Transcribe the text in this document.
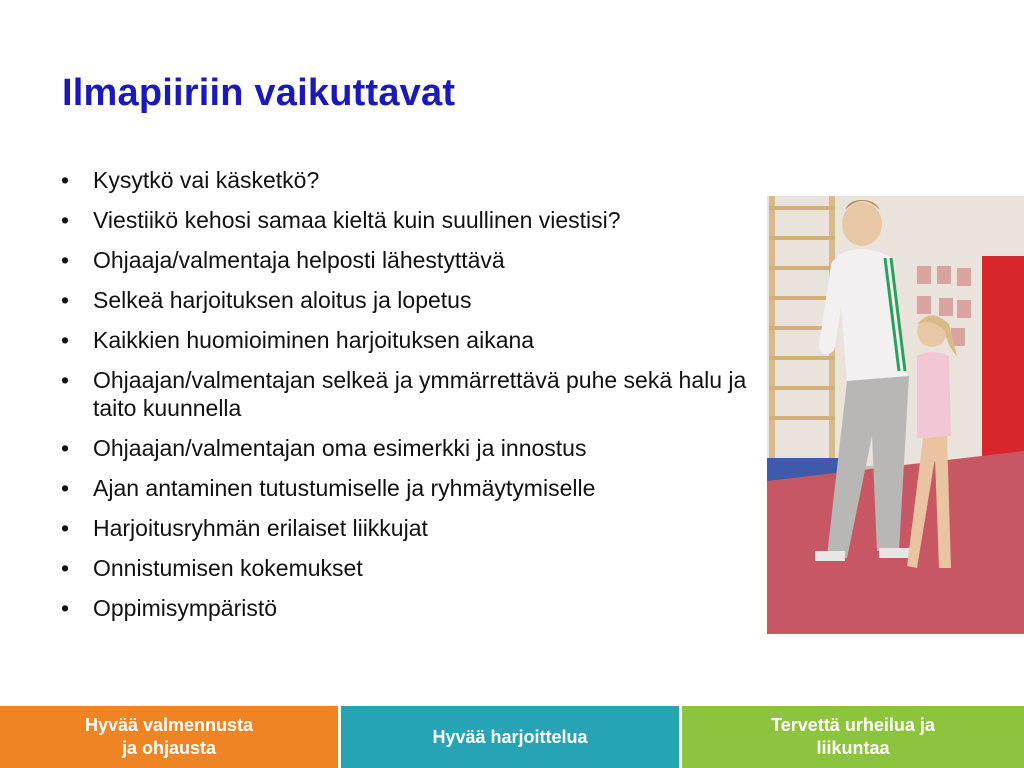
Ilmapiiriin vaikuttavat
• Kysytkö vai käsketkö?
• Viestiikö kehosi samaa kieltä kuin suullinen viestisi?
• Ohjaaja/valmentaja helposti lähestyttävä
• Selkeä harjoituksen aloitus ja lopetus
• Kaikkien huomioiminen harjoituksen aikana
• Ohjaajan/valmentajan selkeä ja ymmärrettävä puhe sekä halu ja taito kuunnella
• Ohjaajan/valmentajan oma esimerkki ja innostus
• Ajan antaminen tutustumiselle ja ryhmäytymiselle
• Harjoitusryhmän erilaiset liikkujat
• Onnistumisen kokemukset
• Oppimisympäristö
Hyvää valmennusta
ja ohjausta
Hyvää harjoittelua
Tervettä urheilua ja
liikuntaa
